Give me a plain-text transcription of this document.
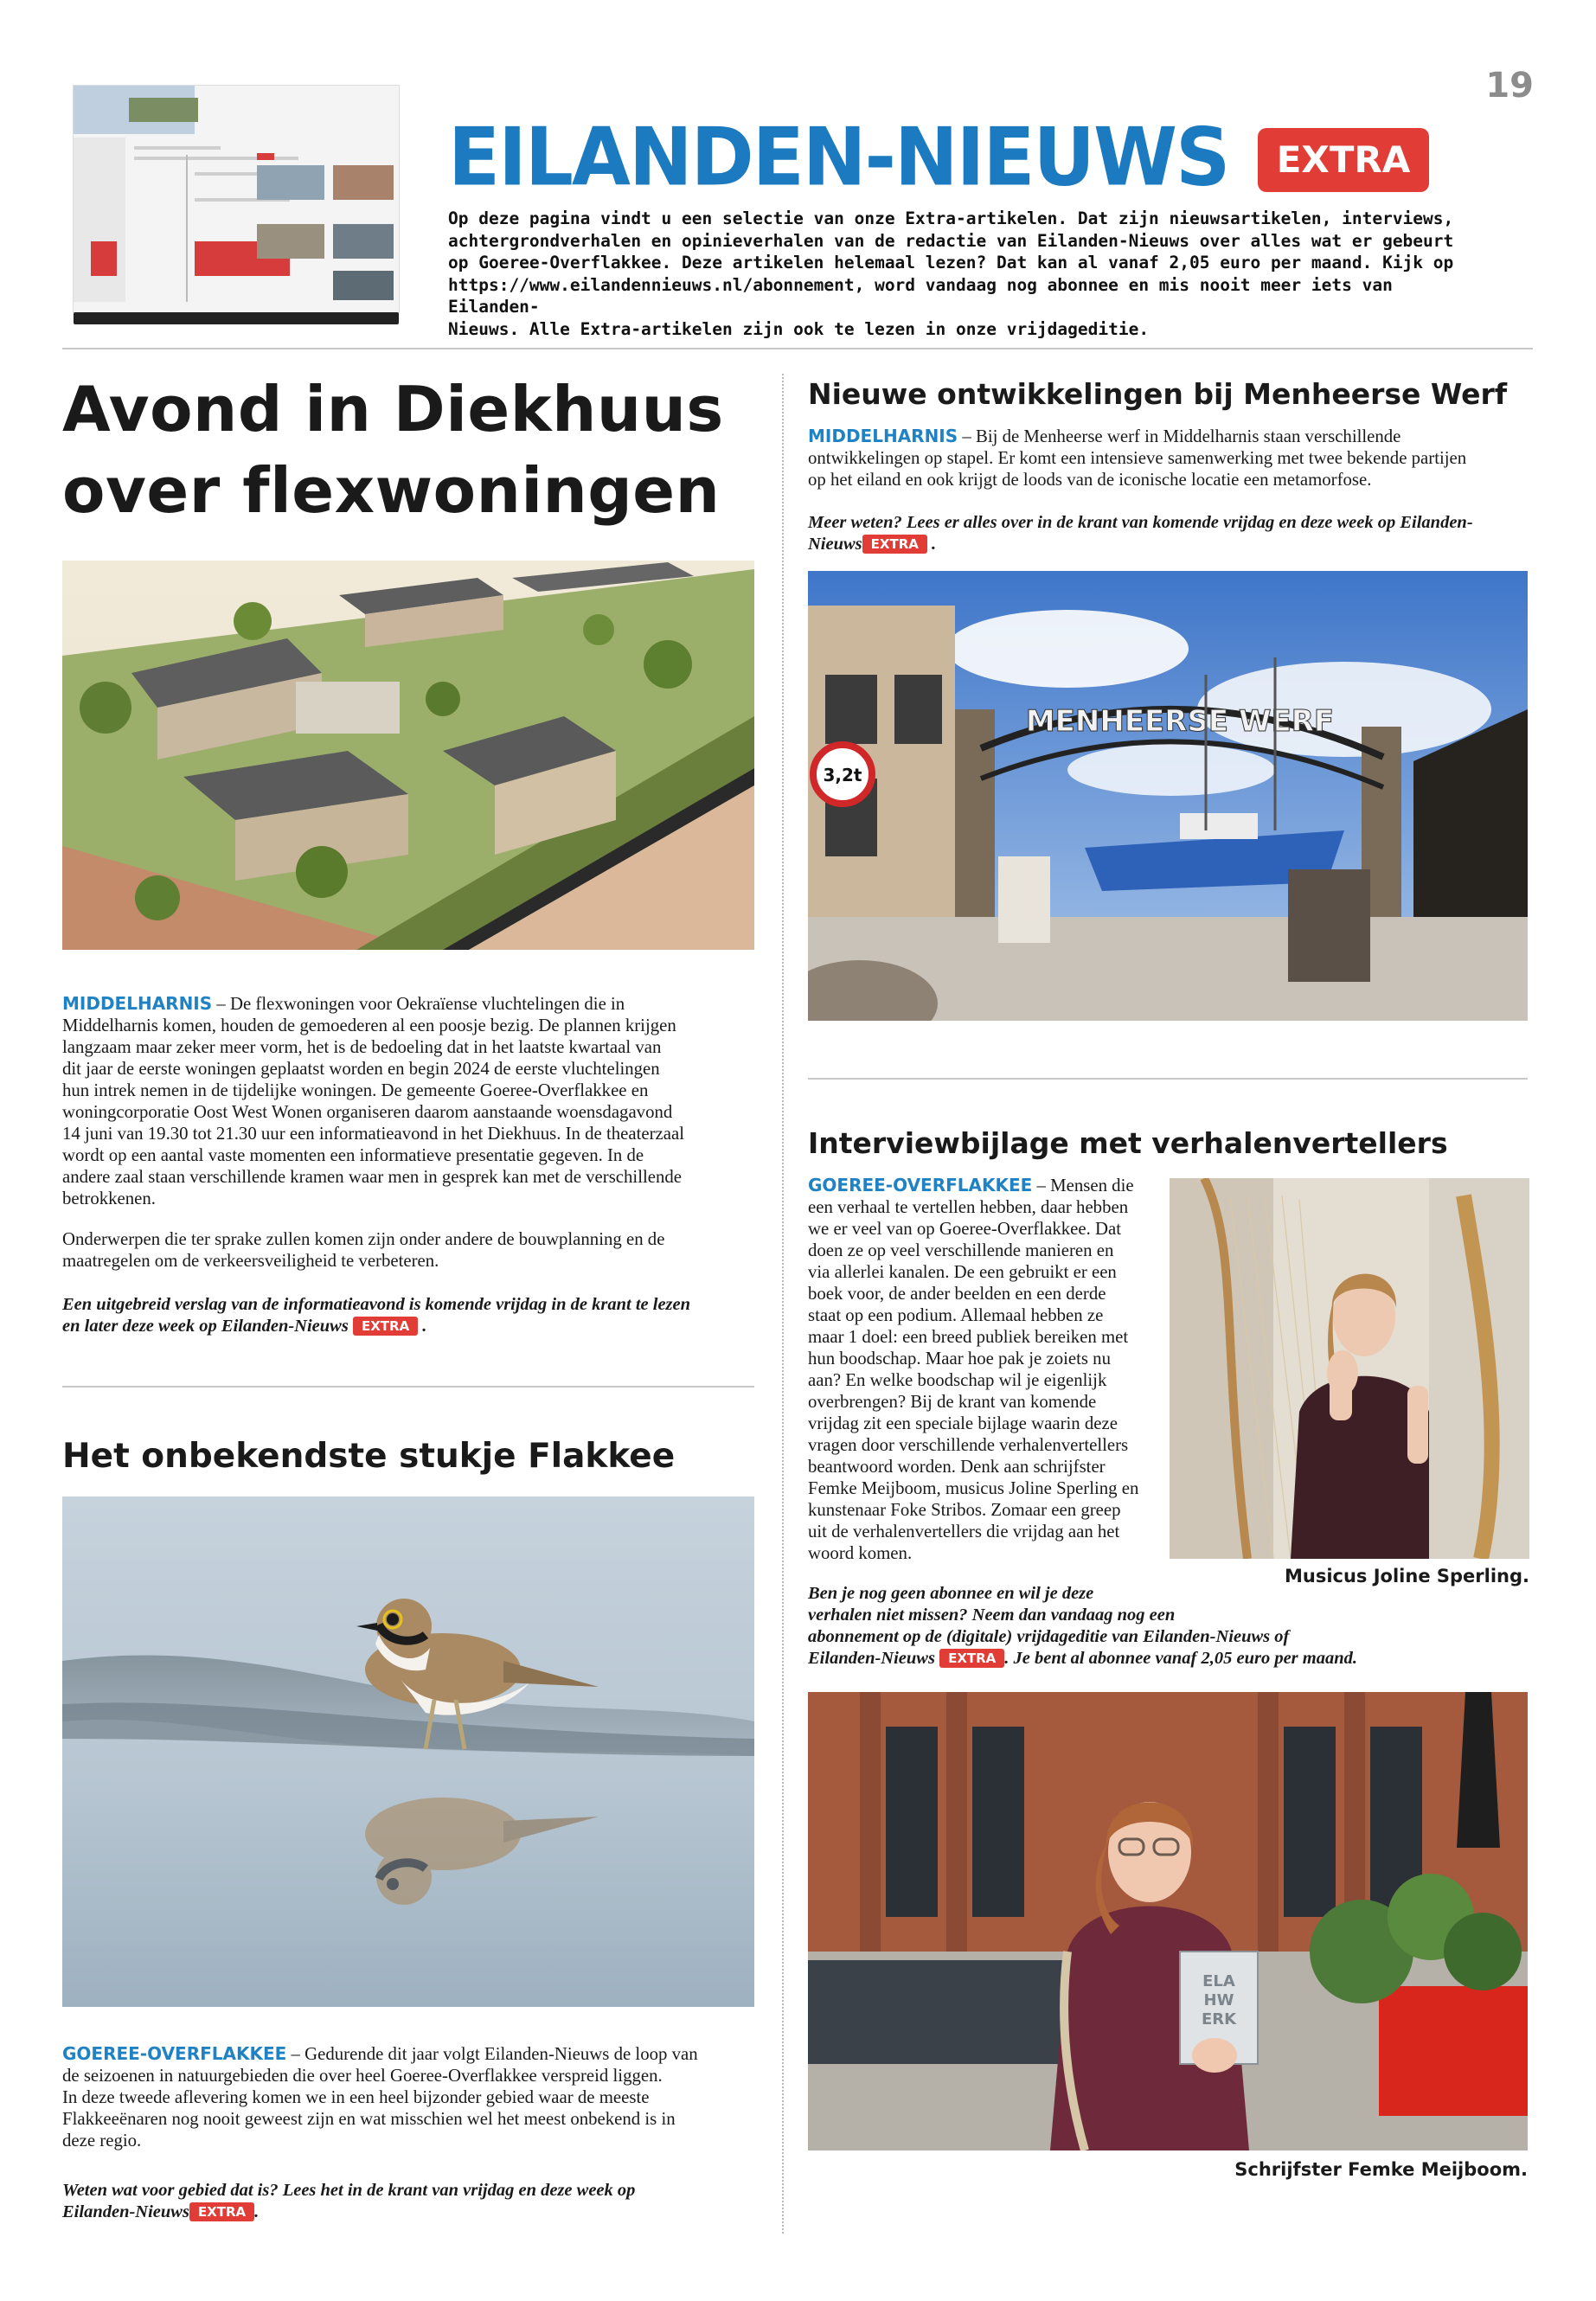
19
EILANDEN-NIEUWS	EXTRA
Op deze pagina vindt u een selectie van onze Extra-artikelen. Dat zijn nieuwsartikelen, interviews,
achtergrondverhalen en opinieverhalen van de redactie van Eilanden-Nieuws over alles wat er gebeurt
op Goeree-Overflakkee. Deze artikelen helemaal lezen? Dat kan al vanaf 2,05 euro per maand. Kijk op
https://www.eilandennieuws.nl/abonnement, word vandaag nog abonnee en mis nooit meer iets van Eilanden-
Nieuws. Alle Extra-artikelen zijn ook te lezen in onze vrijdageditie.
Avond in Diekhuus
over flexwoningen
MIDDELHARNIS – De flexwoningen voor Oekraïense vluchtelingen die in
Middelharnis komen, houden de gemoederen al een poosje bezig. De plannen krijgen
langzaam maar zeker meer vorm, het is de bedoeling dat in het laatste kwartaal van
dit jaar de eerste woningen geplaatst worden en begin 2024 de eerste vluchtelingen
hun intrek nemen in de tijdelijke woningen. De gemeente Goeree-Overflakkee en
woningcorporatie Oost West Wonen organiseren daarom aanstaande woensdagavond
14 juni van 19.30 tot 21.30 uur een informatieavond in het Diekhuus. In de theaterzaal
wordt op een aantal vaste momenten een informatieve presentatie gegeven. In de
andere zaal staan verschillende kramen waar men in gesprek kan met de verschillende
betrokkenen.
Onderwerpen die ter sprake zullen komen zijn onder andere de bouwplanning en de
maatregelen om de verkeersveiligheid te verbeteren.
Een uitgebreid verslag van de informatieavond is komende vrijdag in de krant te lezen
en later deze week op Eilanden-Nieuws EXTRA .
Het onbekendste stukje Flakkee
GOEREE-OVERFLAKKEE – Gedurende dit jaar volgt Eilanden-Nieuws de loop van
de seizoenen in natuurgebieden die over heel Goeree-Overflakkee verspreid liggen.
In deze tweede aflevering komen we in een heel bijzonder gebied waar de meeste
Flakkeeënaren nog nooit geweest zijn en wat misschien wel het meest onbekend is in
deze regio.
Weten wat voor gebied dat is? Lees het in de krant van vrijdag en deze week op
Eilanden-Nieuws EXTRA .
Nieuwe ontwikkelingen bij Menheerse Werf
MIDDELHARNIS – Bij de Menheerse werf in Middelharnis staan verschillende
ontwikkelingen op stapel. Er komt een intensieve samenwerking met twee bekende partijen
op het eiland en ook krijgt de loods van de iconische locatie een metamorfose.
Meer weten? Lees er alles over in de krant van komende vrijdag en deze week op Eilanden-
Nieuws EXTRA .
MENHEERSE WERF
3,2t
Interviewbijlage met verhalenvertellers
GOEREE-OVERFLAKKEE – Mensen die
een verhaal te vertellen hebben, daar hebben
we er veel van op Goeree-Overflakkee. Dat
doen ze op veel verschillende manieren en
via allerlei kanalen. De een gebruikt er een
boek voor, de ander beelden en een derde
staat op een podium. Allemaal hebben ze
maar 1 doel: een breed publiek bereiken met
hun boodschap. Maar hoe pak je zoiets nu
aan? En welke boodschap wil je eigenlijk
overbrengen? Bij de krant van komende
vrijdag zit een speciale bijlage waarin deze
vragen door verschillende verhalenvertellers
beantwoord worden. Denk aan schrijfster
Femke Meijboom, musicus Joline Sperling en
kunstenaar Foke Stribos. Zomaar een greep
uit de verhalenvertellers die vrijdag aan het
woord komen.
Musicus Joline Sperling.
Ben je nog geen abonnee en wil je deze
verhalen niet missen? Neem dan vandaag nog een
abonnement op de (digitale) vrijdageditie van Eilanden-Nieuws of
Eilanden-Nieuws EXTRA . Je bent al abonnee vanaf 2,05 euro per maand.
ELA HW ERK
Schrijfster Femke Meijboom.
